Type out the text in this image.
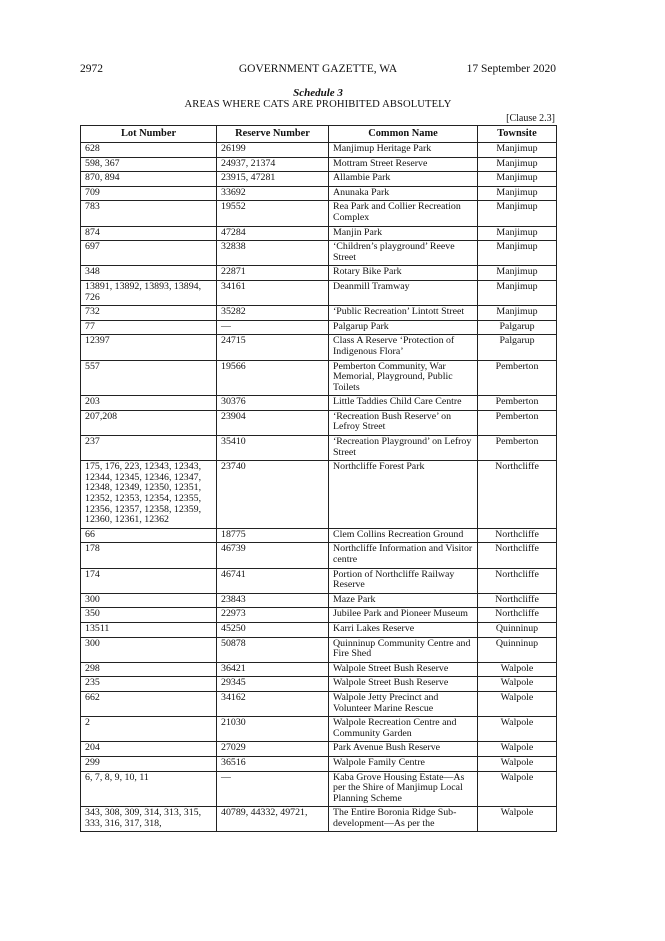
2972	GOVERNMENT GAZETTE, WA	17 September 2020
Schedule 3
AREAS WHERE CATS ARE PROHIBITED ABSOLUTELY
[Clause 2.3]
Lot Number	Reserve Number	Common Name	Townsite
628	26199	Manjimup Heritage Park	Manjimup
598, 367	24937, 21374	Mottram Street Reserve	Manjimup
870, 894	23915, 47281	Allambie Park	Manjimup
709	33692	Anunaka Park	Manjimup
783	19552	Rea Park and Collier Recreation Complex	Manjimup
874	47284	Manjin Park	Manjimup
697	32838	‘Children’s playground’ Reeve Street	Manjimup
348	22871	Rotary Bike Park	Manjimup
13891, 13892, 13893, 13894, 726	34161	Deanmill Tramway	Manjimup
732	35282	‘Public Recreation’ Lintott Street	Manjimup
77	—	Palgarup Park	Palgarup
12397	24715	Class A Reserve ‘Protection of Indigenous Flora’	Palgarup
557	19566	Pemberton Community, War Memorial, Playground, Public Toilets	Pemberton
203	30376	Little Taddies Child Care Centre	Pemberton
207,208	23904	‘Recreation Bush Reserve’ on Lefroy Street	Pemberton
237	35410	‘Recreation Playground’ on Lefroy Street	Pemberton
175, 176, 223, 12343, 12343, 12344, 12345, 12346, 12347, 12348, 12349, 12350, 12351, 12352, 12353, 12354, 12355, 12356, 12357, 12358, 12359, 12360, 12361, 12362	23740	Northcliffe Forest Park	Northcliffe
66	18775	Clem Collins Recreation Ground	Northcliffe
178	46739	Northcliffe Information and Visitor centre	Northcliffe
174	46741	Portion of Northcliffe Railway Reserve	Northcliffe
300	23843	Maze Park	Northcliffe
350	22973	Jubilee Park and Pioneer Museum	Northcliffe
13511	45250	Karri Lakes Reserve	Quinninup
300	50878	Quinninup Community Centre and Fire Shed	Quinninup
298	36421	Walpole Street Bush Reserve	Walpole
235	29345	Walpole Street Bush Reserve	Walpole
662	34162	Walpole Jetty Precinct and Volunteer Marine Rescue	Walpole
2	21030	Walpole Recreation Centre and Community Garden	Walpole
204	27029	Park Avenue Bush Reserve	Walpole
299	36516	Walpole Family Centre	Walpole
6, 7, 8, 9, 10, 11	—	Kaba Grove Housing Estate—As per the Shire of Manjimup Local Planning Scheme	Walpole
343, 308, 309, 314, 313, 315, 333, 316, 317, 318,	40789, 44332, 49721,	The Entire Boronia Ridge Sub-development—As per the	Walpole
